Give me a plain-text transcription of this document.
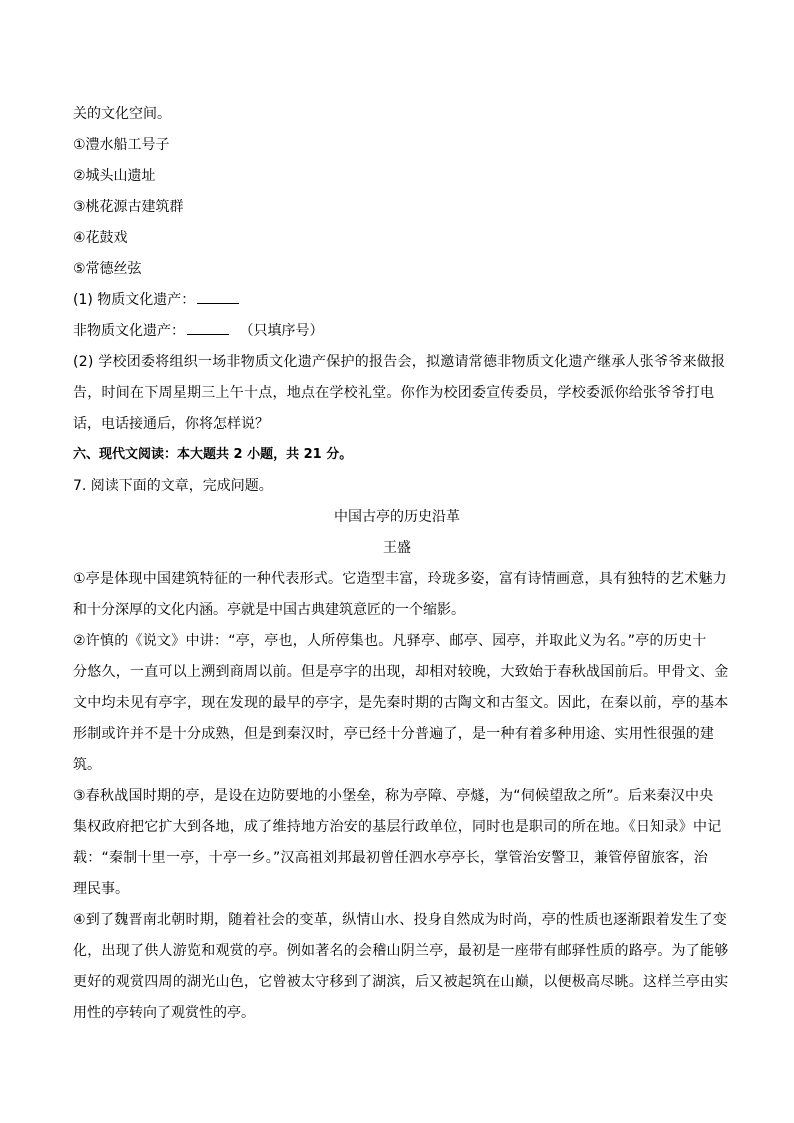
关的文化空间。
①澧水船工号子
②城头山遗址
③桃花源古建筑群
④花鼓戏
⑤常德丝弦
(1) 物质文化遗产：
非物质文化遗产：	（只填序号）
(2) 学校团委将组织一场非物质文化遗产保护的报告会，拟邀请常德非物质文化遗产继承人张爷爷来做报
告，时间在下周星期三上午十点，地点在学校礼堂。你作为校团委宣传委员，学校委派你给张爷爷打电
话，电话接通后，你将怎样说？
六、现代文阅读：本大题共 2 小题，共 21 分。
7. 阅读下面的文章，完成问题。
中国古亭的历史沿革
王盛
①亭是体现中国建筑特征的一种代表形式。它造型丰富，玲珑多姿，富有诗情画意，具有独特的艺术魅力
和十分深厚的文化内涵。亭就是中国古典建筑意匠的一个缩影。
②许慎的《说文》中讲：“亭，亭也，人所停集也。凡驿亭、邮亭、园亭，并取此义为名。”亭的历史十
分悠久，一直可以上溯到商周以前。但是亭字的出现，却相对较晚，大致始于春秋战国前后。甲骨文、金
文中均未见有亭字，现在发现的最早的亭字，是先秦时期的古陶文和古玺文。因此，在秦以前，亭的基本
形制或许并不是十分成熟，但是到秦汉时，亭已经十分普遍了，是一种有着多种用途、实用性很强的建
筑。
③春秋战国时期的亭，是设在边防要地的小堡垒，称为亭障、亭燧，为“伺候望敌之所”。后来秦汉中央
集权政府把它扩大到各地，成了维持地方治安的基层行政单位，同时也是职司的所在地。《日知录》中记
载：“秦制十里一亭，十亭一乡。”汉高祖刘邦最初曾任泗水亭亭长，掌管治安警卫，兼管停留旅客，治
理民事。
④到了魏晋南北朝时期，随着社会的变革，纵情山水、投身自然成为时尚，亭的性质也逐渐跟着发生了变
化，出现了供人游览和观赏的亭。例如著名的会稽山阴兰亭，最初是一座带有邮驿性质的路亭。为了能够
更好的观赏四周的湖光山色，它曾被太守移到了湖滨，后又被起筑在山巅，以便极高尽眺。这样兰亭由实
用性的亭转向了观赏性的亭。
